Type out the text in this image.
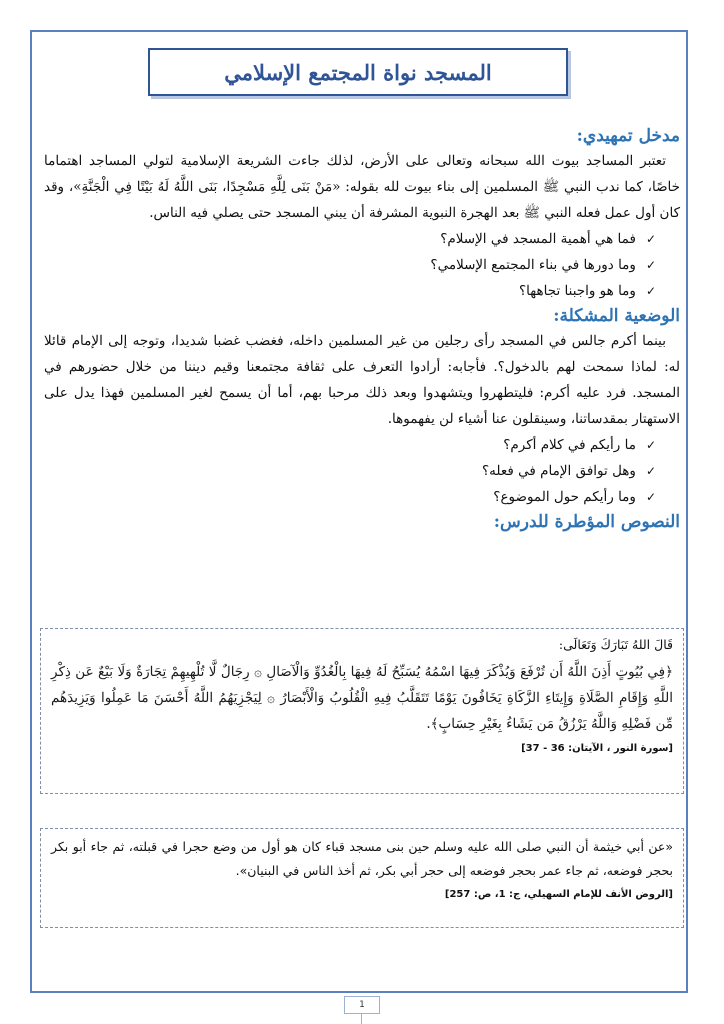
المسجد نواة المجتمع الإسلامي
مدخل تمهيدي:

تعتبر المساجد بيوت الله سبحانه وتعالى على الأرض، لذلك جاءت الشريعة الإسلامية لتولي المساجد اهتماما خاصًا، كما ندب النبي ﷺ المسلمين إلى بناء بيوت لله بقوله: «مَنْ بَنَى لِلَّهِ مَسْجِدًا، بَنَى اللَّهُ لَهُ بَيْتًا فِي الْجَنَّةِ»، وقد كان أول عمل فعله النبي ﷺ بعد الهجرة النبوية المشرفة أن يبني المسجد حتى يصلي فيه الناس.

✓فما هي أهمية المسجد في الإسلام؟
✓وما دورها في بناء المجتمع الإسلامي؟
✓وما هو واجبنا تجاهها؟
الوضعية المشكلة:

بينما أكرم جالس في المسجد رأى رجلين من غير المسلمين داخله، فغضب غضبا شديدا، وتوجه إلى الإمام قائلا له: لماذا سمحت لهم بالدخول؟. فأجابه: أرادوا التعرف على ثقافة مجتمعنا وقيم ديننا من خلال حضورهم في المسجد. فرد عليه أكرم: فليتطهروا ويتشهدوا وبعد ذلك مرحبا بهم، أما أن يسمح لغير المسلمين فهذا يدل على الاستهتار بمقدساتنا، وسينقلون عنا أشياء لن يفهموها.

✓ما رأيكم في كلام أكرم؟
✓وهل توافق الإمام في فعله؟
✓وما رأيكم حول الموضوع؟
النصوص المؤطرة للدرس:

قَالَ اللهُ تَبَارَكَ وَتَعَالَى:

﴿فِي بُيُوتٍ أَذِنَ اللَّهُ أَن تُرْفَعَ وَيُذْكَرَ فِيهَا اسْمُهُ يُسَبِّحُ لَهُ فِيهَا بِالْغُدُوِّ وَالْآصَالِ ۞ رِجَالٌ لَّا تُلْهِيهِمْ تِجَارَةٌ وَلَا بَيْعٌ عَن ذِكْرِ اللَّهِ وَإِقَامِ الصَّلَاةِ وَإِيتَاءِ الزَّكَاةِ يَخَافُونَ يَوْمًا تَتَقَلَّبُ فِيهِ الْقُلُوبُ وَالْأَبْصَارُ ۞ لِيَجْزِيَهُمُ اللَّهُ أَحْسَنَ مَا عَمِلُوا وَيَزِيدَهُم مِّن فَضْلِهِ وَاللَّهُ يَرْزُقُ مَن يَشَاءُ بِغَيْرِ حِسَابٍ﴾.

[سورة النور ، الآيتان: 36 - 37]

«عن أبي خيثمة أن النبي صلى الله عليه وسلم حين بنى مسجد قباء كان هو أول من وضع حجرا في قبلته، ثم جاء أبو بكر بحجر فوضعه، ثم جاء عمر بحجر فوضعه إلى حجر أبي بكر، ثم أخذ الناس في البنيان».

[الروض الأنف للإمام السهيلي، ج: 1، ص: 257]
1
